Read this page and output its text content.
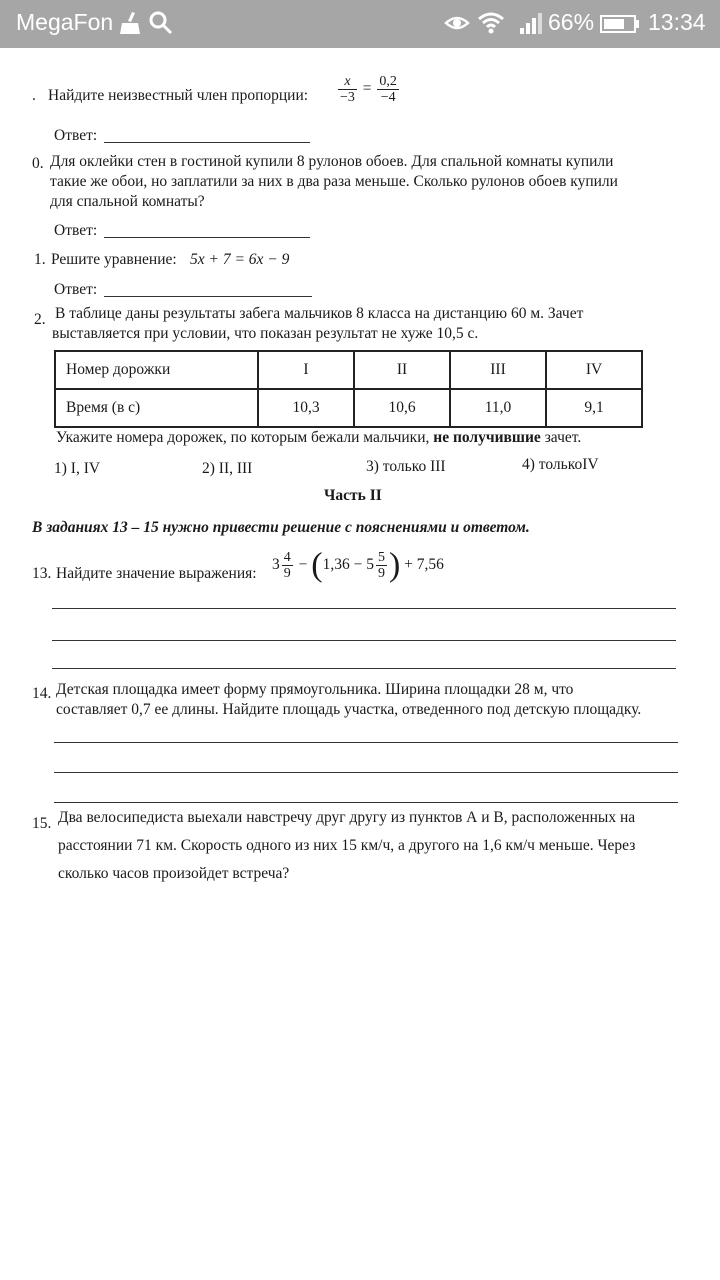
MegaFon	66% 13:34
. Найдите неизвестный член пропорции: $\frac{x}{-3} = \frac{0,2}{-4}$
Ответ:
0. Для оклейки стен в гостиной купили 8 рулонов обоев. Для спальной комнаты купили
такие же обои, но заплатили за них в два раза меньше. Сколько рулонов обоев купили
для спальной комнаты?
Ответ:
1. Решите уравнение: 5x + 7 = 6x − 9
Ответ:
2. В таблице даны результаты забега мальчиков 8 класса на дистанцию 60 м. Зачет
выставляется при условии, что показан результат не хуже 10,5 с.
Номер дорожки	I	II	III	IV
Время (в с)	10,3	10,6	11,0	9,1
Укажите номера дорожек, по которым бежали мальчики, не получившие зачет.
1) I, IV	2) II, III	3) только III	4) толькоIV
Часть II
В заданиях 13 – 15 нужно привести решение с пояснениями и ответом.
13. Найдите значение выражения:
$3 \frac{4}{9} - (1,36 - 5 \frac{5}{9}$ ) + 7,56
14. Детская площадка имеет форму прямоугольника. Ширина площадки 28 м, что
составляет 0,7 ее длины. Найдите площадь участка, отведенного под детскую площадку.
15. Два велосипедиста выехали навстречу друг другу из пунктов А и В, расположенных на
расстоянии 71 км. Скорость одного из них 15 км/ч, а другого на 1,6 км/ч меньше. Через
сколько часов произойдет встреча?
